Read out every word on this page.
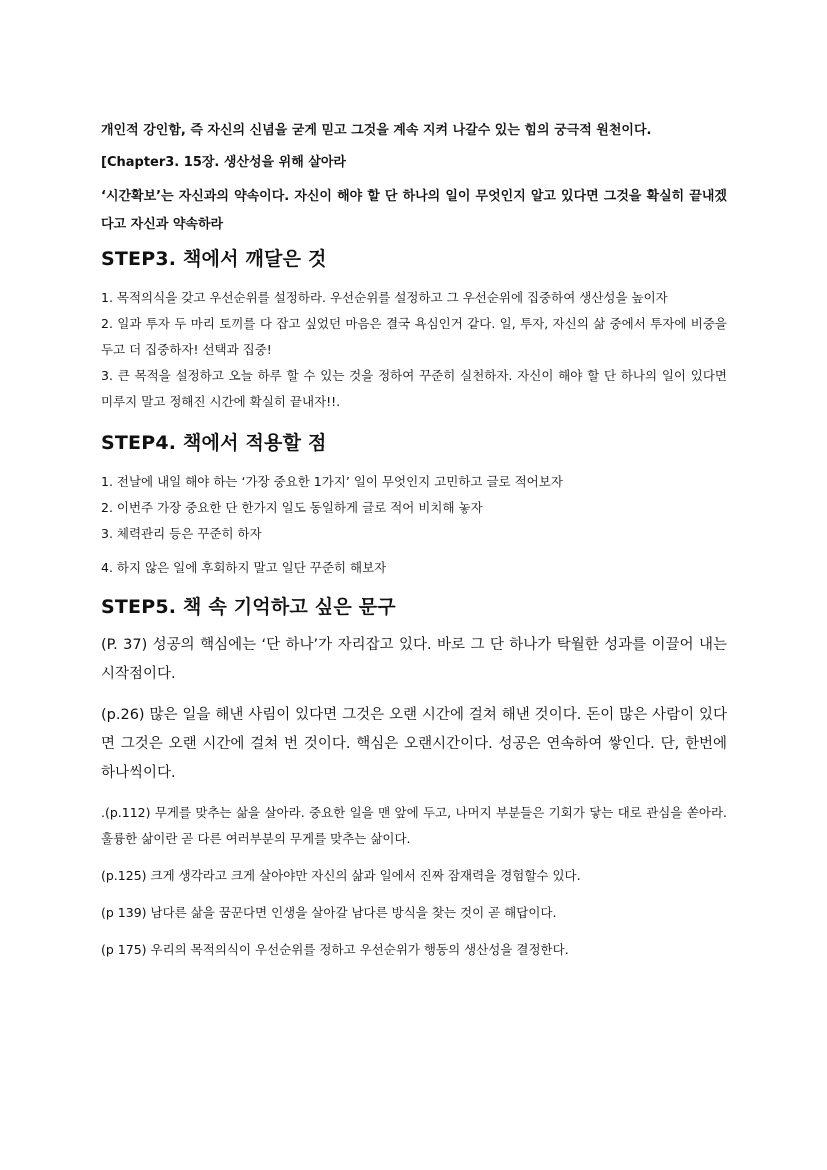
개인적 강인함, 즉 자신의 신념을 굳게 믿고 그것을 계속 지켜 나갈수 있는 힘의 궁극적 원천이다.

[Chapter3. 15장. 생산성을 위해 살아라

‘시간확보’는 자신과의 약속이다. 자신이 해야 할 단 하나의 일이 무엇인지 알고 있다면 그것을 확실히 끝내겠다고 자신과 약속하라

STEP3. 책에서 깨달은 것

1. 목적의식을 갖고 우선순위를 설정하라. 우선순위를 설정하고 그 우선순위에 집중하여 생산성을 높이자

2. 일과 투자 두 마리 토끼를 다 잡고 싶었던 마음은 결국 욕심인거 같다. 일, 투자, 자신의 삶 중에서 투자에 비중을 두고 더 집중하자! 선택과 집중!

3. 큰 목적을 설정하고 오늘 하루 할 수 있는 것을 정하여 꾸준히 실천하자. 자신이 해야 할 단 하나의 일이 있다면 미루지 말고 정해진 시간에 확실히 끝내자!!.

STEP4. 책에서 적용할 점

1. 전날에 내일 해야 하는 ‘가장 중요한 1가지’ 일이 무엇인지 고민하고 글로 적어보자

2. 이번주 가장 중요한 단 한가지 일도 동일하게 글로 적어 비치해 놓자

3. 체력관리 등은 꾸준히 하자

4. 하지 않은 일에 후회하지 말고 일단 꾸준히 해보자

STEP5. 책 속 기억하고 싶은 문구

(P. 37) 성공의 핵심에는 ‘단 하나’가 자리잡고 있다. 바로 그 단 하나가 탁월한 성과를 이끌어 내는 시작점이다.

(p.26) 많은 일을 해낸 사림이 있다면 그것은 오랜 시간에 걸쳐 해낸 것이다. 돈이 많은 사람이 있다면 그것은 오랜 시간에 걸쳐 번 것이다. 핵심은 오랜시간이다. 성공은 연속하여 쌓인다. 단, 한번에 하나씩이다.

.(p.112) 무게를 맞추는 삶을 살아라. 중요한 일을 맨 앞에 두고, 나머지 부분들은 기회가 닿는 대로 관심을 쏟아라. 훌륭한 삶이란 곧 다른 여러부분의 무게를 맞추는 삶이다.

(p.125) 크게 생각라고 크게 살아야만 자신의 삶과 일에서 진짜 잠재력을 경험할수 있다.

(p 139) 남다른 삶을 꿈꾼다면 인생을 살아갈 남다른 방식을 찾는 것이 곧 해답이다.

(p 175) 우리의 목적의식이 우선순위를 정하고 우선순위가 행동의 생산성을 결정한다.
